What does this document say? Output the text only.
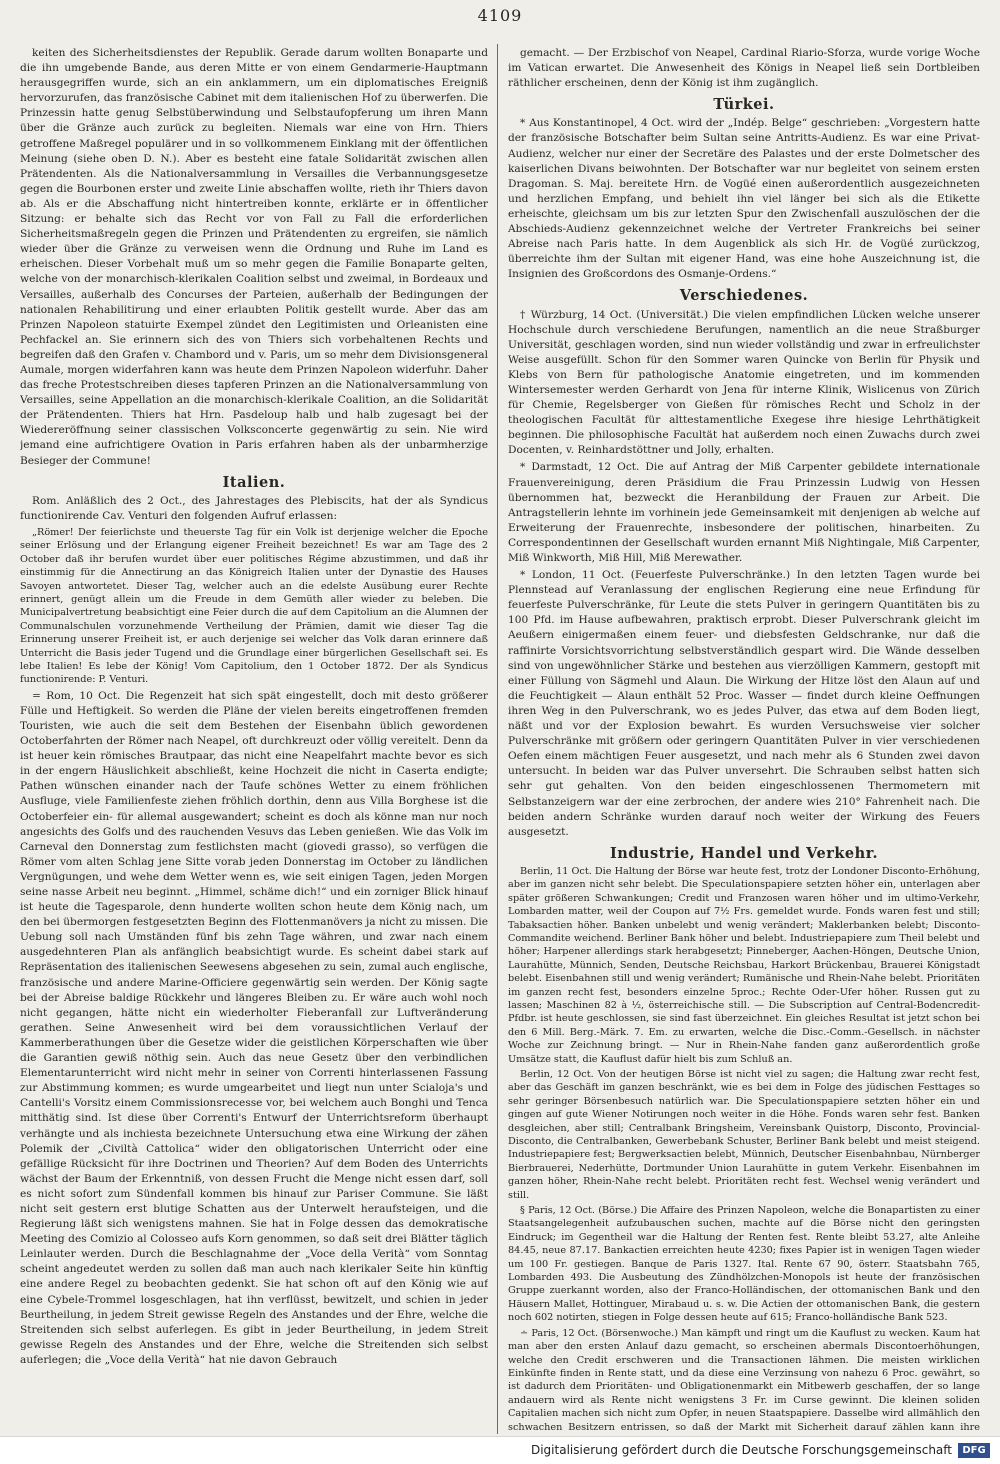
4109

keiten des Sicherheitsdienstes der Republik. Gerade darum wollten Bonaparte und die ihn umgebende Bande, aus deren Mitte er von einem Gendarmerie-Hauptmann herausgegriffen wurde, sich an ein anklammern, um ein diplomatisches Ereigniß hervorzurufen, das französische Cabinet mit dem italienischen Hof zu überwerfen. Die Prinzessin hatte genug Selbstüberwindung und Selbstaufopferung um ihren Mann über die Gränze auch zurück zu begleiten. Niemals war eine von Hrn. Thiers getroffene Maßregel populärer und in so vollkommenem Einklang mit der öffentlichen Meinung (siehe oben D. N.). Aber es besteht eine fatale Solidarität zwischen allen Prätendenten. Als die Nationalversammlung in Versailles die Verbannungsgesetze gegen die Bourbonen erster und zweite Linie abschaffen wollte, rieth ihr Thiers davon ab. Als er die Abschaffung nicht hintertreiben konnte, erklärte er in öffentlicher Sitzung: er behalte sich das Recht vor von Fall zu Fall die erforderlichen Sicherheitsmaßregeln gegen die Prinzen und Prätendenten zu ergreifen, sie nämlich wieder über die Gränze zu verweisen wenn die Ordnung und Ruhe im Land es erheischen. Dieser Vorbehalt muß um so mehr gegen die Familie Bonaparte gelten, welche von der monarchisch-klerikalen Coalition selbst und zweimal, in Bordeaux und Versailles, außerhalb des Concurses der Parteien, außerhalb der Bedingungen der nationalen Rehabilitirung und einer erlaubten Politik gestellt wurde. Aber das am Prinzen Napoleon statuirte Exempel zündet den Legitimisten und Orleanisten eine Pechfackel an. Sie erinnern sich des von Thiers sich vorbehaltenen Rechts und begreifen daß den Grafen v. Chambord und v. Paris, um so mehr dem Divisionsgeneral Aumale, morgen widerfahren kann was heute dem Prinzen Napoleon widerfuhr. Daher das freche Protestschreiben dieses tapferen Prinzen an die Nationalversammlung von Versailles, seine Appellation an die monarchisch-klerikale Coalition, an die Solidarität der Prätendenten. Thiers hat Hrn. Pasdeloup halb und halb zugesagt bei der Wiedereröffnung seiner classischen Volksconcerte gegenwärtig zu sein. Nie wird jemand eine aufrichtigere Ovation in Paris erfahren haben als der unbarmherzige Besieger der Commune!

Italien.

Rom. Anläßlich des 2 Oct., des Jahrestages des Plebiscits, hat der als Syndicus functionirende Cav. Venturi den folgenden Aufruf erlassen:

„Römer! Der feierlichste und theuerste Tag für ein Volk ist derjenige welcher die Epoche seiner Erlösung und der Erlangung eigener Freiheit bezeichnet! Es war am Tage des 2 October daß ihr berufen wurdet über euer politisches Régime abzustimmen, und daß ihr einstimmig für die Annectirung an das Königreich Italien unter der Dynastie des Hauses Savoyen antwortetet. Dieser Tag, welcher auch an die edelste Ausübung eurer Rechte erinnert, genügt allein um die Freude in dem Gemüth aller wieder zu beleben. Die Municipalvertretung beabsichtigt eine Feier durch die auf dem Capitolium an die Alumnen der Communalschulen vorzunehmende Vertheilung der Prämien, damit wie dieser Tag die Erinnerung unserer Freiheit ist, er auch derjenige sei welcher das Volk daran erinnere daß Unterricht die Basis jeder Tugend und die Grundlage einer bürgerlichen Gesellschaft sei. Es lebe Italien! Es lebe der König! Vom Capitolium, den 1 October 1872. Der als Syndicus functionirende: P. Venturi.

= Rom, 10 Oct. Die Regenzeit hat sich spät eingestellt, doch mit desto größerer Fülle und Heftigkeit. So werden die Pläne der vielen bereits eingetroffenen fremden Touristen, wie auch die seit dem Bestehen der Eisenbahn üblich gewordenen Octoberfahrten der Römer nach Neapel, oft durchkreuzt oder völlig vereitelt. Denn da ist heuer kein römisches Brautpaar, das nicht eine Neapelfahrt machte bevor es sich in der engern Häuslichkeit abschließt, keine Hochzeit die nicht in Caserta endigte; Pathen wünschen einander nach der Taufe schönes Wetter zu einem fröhlichen Ausfluge, viele Familienfeste ziehen fröhlich dorthin, denn aus Villa Borghese ist die Octoberfeier ein- für allemal ausgewandert; scheint es doch als könne man nur noch angesichts des Golfs und des rauchenden Vesuvs das Leben genießen. Wie das Volk im Carneval den Donnerstag zum festlichsten macht (giovedi grasso), so verfügen die Römer vom alten Schlag jene Sitte vorab jeden Donnerstag im October zu ländlichen Vergnügungen, und wehe dem Wetter wenn es, wie seit einigen Tagen, jeden Morgen seine nasse Arbeit neu beginnt. „Himmel, schäme dich!“ und ein zorniger Blick hinauf ist heute die Tagesparole, denn hunderte wollten schon heute dem König nach, um den bei übermorgen festgesetzten Beginn des Flottenmanövers ja nicht zu missen. Die Uebung soll nach Umständen fünf bis zehn Tage währen, und zwar nach einem ausgedehnteren Plan als anfänglich beabsichtigt wurde. Es scheint dabei stark auf Repräsentation des italienischen Seewesens abgesehen zu sein, zumal auch englische, französische und andere Marine-Officiere gegenwärtig sein werden. Der König sagte bei der Abreise baldige Rückkehr und längeres Bleiben zu. Er wäre auch wohl noch nicht gegangen, hätte nicht ein wiederholter Fieberanfall zur Luftveränderung gerathen. Seine Anwesenheit wird bei dem voraussichtlichen Verlauf der Kammerberathungen über die Gesetze wider die geistlichen Körperschaften wie über die Garantien gewiß nöthig sein. Auch das neue Gesetz über den verbindlichen Elementarunterricht wird nicht mehr in seiner von Correnti hinterlassenen Fassung zur Abstimmung kommen; es wurde umgearbeitet und liegt nun unter Scialoja's und Cantelli's Vorsitz einem Commissionsrecesse vor, bei welchem auch Bonghi und Tenca mitthätig sind. Ist diese über Correnti's Entwurf der Unterrichtsreform überhaupt verhängte und als inchiesta bezeichnete Untersuchung etwa eine Wirkung der zähen Polemik der „Civiltà Cattolica“ wider den obligatorischen Unterricht oder eine gefällige Rücksicht für ihre Doctrinen und Theorien? Auf dem Boden des Unterrichts wächst der Baum der Erkenntniß, von dessen Frucht die Menge nicht essen darf, soll es nicht sofort zum Sündenfall kommen bis hinauf zur Pariser Commune. Sie läßt nicht seit gestern erst blutige Schatten aus der Unterwelt heraufsteigen, und die Regierung läßt sich wenigstens mahnen. Sie hat in Folge dessen das demokratische Meeting des Comizio al Colosseo aufs Korn genommen, so daß seit drei Blätter täglich Leinlauter werden. Durch die Beschlagnahme der „Voce della Verità“ vom Sonntag scheint angedeutet werden zu sollen daß man auch nach klerikaler Seite hin künftig eine andere Regel zu beobachten gedenkt. Sie hat schon oft auf den König wie auf eine Cybele-Trommel losgeschlagen, hat ihn verflüsst, bewitzelt, und schien in jeder Beurtheilung, in jedem Streit gewisse Regeln des Anstandes und der Ehre, welche die Streitenden sich selbst auferlegen. Es gibt in jeder Beurtheilung, in jedem Streit gewisse Regeln des Anstandes und der Ehre, welche die Streitenden sich selbst auferlegen; die „Voce della Verità“ hat nie davon Gebrauch

gemacht. — Der Erzbischof von Neapel, Cardinal Riario-Sforza, wurde vorige Woche im Vatican erwartet. Die Anwesenheit des Königs in Neapel ließ sein Dortbleiben räthlicher erscheinen, denn der König ist ihm zugänglich.

Türkei.

* Aus Konstantinopel, 4 Oct. wird der „Indép. Belge“ geschrieben: „Vorgestern hatte der französische Botschafter beim Sultan seine Antritts-Audienz. Es war eine Privat-Audienz, welcher nur einer der Secretäre des Palastes und der erste Dolmetscher des kaiserlichen Divans beiwohnten. Der Botschafter war nur begleitet von seinem ersten Dragoman. S. Maj. bereitete Hrn. de Vogüé einen außerordentlich ausgezeichneten und herzlichen Empfang, und behielt ihn viel länger bei sich als die Etikette erheischte, gleichsam um bis zur letzten Spur den Zwischenfall auszulöschen der die Abschieds-Audienz gekennzeichnet welche der Vertreter Frankreichs bei seiner Abreise nach Paris hatte. In dem Augenblick als sich Hr. de Vogüé zurückzog, überreichte ihm der Sultan mit eigener Hand, was eine hohe Auszeichnung ist, die Insignien des Großcordons des Osmanje-Ordens.“

Verschiedenes.

† Würzburg, 14 Oct. (Universität.) Die vielen empfindlichen Lücken welche unserer Hochschule durch verschiedene Berufungen, namentlich an die neue Straßburger Universität, geschlagen worden, sind nun wieder vollständig und zwar in erfreulichster Weise ausgefüllt. Schon für den Sommer waren Quincke von Berlin für Physik und Klebs von Bern für pathologische Anatomie eingetreten, und im kommenden Wintersemester werden Gerhardt von Jena für interne Klinik, Wislicenus von Zürich für Chemie, Regelsberger von Gießen für römisches Recht und Scholz in der theologischen Facultät für alttestamentliche Exegese ihre hiesige Lehrthätigkeit beginnen. Die philosophische Facultät hat außerdem noch einen Zuwachs durch zwei Docenten, v. Reinhardstöttner und Jolly, erhalten.

* Darmstadt, 12 Oct. Die auf Antrag der Miß Carpenter gebildete internationale Frauenvereinigung, deren Präsidium die Frau Prinzessin Ludwig von Hessen übernommen hat, bezweckt die Heranbildung der Frauen zur Arbeit. Die Antragstellerin lehnte im vorhinein jede Gemeinsamkeit mit denjenigen ab welche auf Erweiterung der Frauenrechte, insbesondere der politischen, hinarbeiten. Zu Correspondentinnen der Gesellschaft wurden ernannt Miß Nightingale, Miß Carpenter, Miß Winkworth, Miß Hill, Miß Merewather.

* London, 11 Oct. (Feuerfeste Pulverschränke.) In den letzten Tagen wurde bei Plennstead auf Veranlassung der englischen Regierung eine neue Erfindung für feuerfeste Pulverschränke, für Leute die stets Pulver in geringern Quantitäten bis zu 100 Pfd. im Hause aufbewahren, praktisch erprobt. Dieser Pulverschrank gleicht im Aeußern einigermaßen einem feuer- und diebsfesten Geldschranke, nur daß die raffinirte Vorsichtsvorrichtung selbstverständlich gespart wird. Die Wände desselben sind von ungewöhnlicher Stärke und bestehen aus vierzölligen Kammern, gestopft mit einer Füllung von Sägmehl und Alaun. Die Wirkung der Hitze löst den Alaun auf und die Feuchtigkeit — Alaun enthält 52 Proc. Wasser — findet durch kleine Oeffnungen ihren Weg in den Pulverschrank, wo es jedes Pulver, das etwa auf dem Boden liegt, näßt und vor der Explosion bewahrt. Es wurden Versuchsweise vier solcher Pulverschränke mit größern oder geringern Quantitäten Pulver in vier verschiedenen Oefen einem mächtigen Feuer ausgesetzt, und nach mehr als 6 Stunden zwei davon untersucht. In beiden war das Pulver unversehrt. Die Schrauben selbst hatten sich sehr gut gehalten. Von den beiden eingeschlossenen Thermometern mit Selbstanzeigern war der eine zerbrochen, der andere wies 210° Fahrenheit nach. Die beiden andern Schränke wurden darauf noch weiter der Wirkung des Feuers ausgesetzt.

Industrie, Handel und Verkehr.

Berlin, 11 Oct. Die Haltung der Börse war heute fest, trotz der Londoner Disconto-Erhöhung, aber im ganzen nicht sehr belebt. Die Speculationspapiere setzten höher ein, unterlagen aber später größeren Schwankungen; Credit und Franzosen waren höher und im ultimo-Verkehr, Lombarden matter, weil der Coupon auf 7½ Frs. gemeldet wurde. Fonds waren fest und still; Tabaksactien höher. Banken unbelebt und wenig verändert; Maklerbanken belebt; Disconto-Commandite weichend. Berliner Bank höher und belebt. Industriepapiere zum Theil belebt und höher; Harpener allerdings stark herabgesetzt; Pinneberger, Aachen-Höngen, Deutsche Union, Laurahütte, Münnich, Senden, Deutsche Reichsbau, Harkort Brückenbau, Brauerei Königstadt belebt. Eisenbahnen still und wenig verändert; Rumänische und Rhein-Nahe belebt. Prioritäten im ganzen recht fest, besonders einzelne 5proc.; Rechte Oder-Ufer höher. Russen gut zu lassen; Maschinen 82 à ½, österreichische still. — Die Subscription auf Central-Bodencredit-Pfdbr. ist heute geschlossen, sie sind fast überzeichnet. Ein gleiches Resultat ist jetzt schon bei den 6 Mill. Berg.-Märk. 7. Em. zu erwarten, welche die Disc.-Comm.-Gesellsch. in nächster Woche zur Zeichnung bringt. — Nur in Rhein-Nahe fanden ganz außerordentlich große Umsätze statt, die Kauflust dafür hielt bis zum Schluß an.

Berlin, 12 Oct. Von der heutigen Börse ist nicht viel zu sagen; die Haltung zwar recht fest, aber das Geschäft im ganzen beschränkt, wie es bei dem in Folge des jüdischen Festtages so sehr geringer Börsenbesuch natürlich war. Die Speculationspapiere setzten höher ein und gingen auf gute Wiener Notirungen noch weiter in die Höhe. Fonds waren sehr fest. Banken desgleichen, aber still; Centralbank Bringsheim, Vereinsbank Quistorp, Disconto, Provincial-Disconto, die Centralbanken, Gewerbebank Schuster, Berliner Bank belebt und meist steigend. Industriepapiere fest; Bergwerksactien belebt, Münnich, Deutscher Eisenbahnbau, Nürnberger Bierbrauerei, Nederhütte, Dortmunder Union Laurahütte in gutem Verkehr. Eisenbahnen im ganzen höher, Rhein-Nahe recht belebt. Prioritäten recht fest. Wechsel wenig verändert und still.

§ Paris, 12 Oct. (Börse.) Die Affaire des Prinzen Napoleon, welche die Bonapartisten zu einer Staatsangelegenheit aufzubauschen suchen, machte auf die Börse nicht den geringsten Eindruck; im Gegentheil war die Haltung der Renten fest. Rente bleibt 53.27, alte Anleihe 84.45, neue 87.17. Bankactien erreichten heute 4230; fixes Papier ist in wenigen Tagen wieder um 100 Fr. gestiegen. Banque de Paris 1327. Ital. Rente 67 90, österr. Staatsbahn 765, Lombarden 493. Die Ausbeutung des Zündhölzchen-Monopols ist heute der französischen Gruppe zuerkannt worden, also der Franco-Holländischen, der ottomanischen Bank und den Häusern Mallet, Hottinguer, Mirabaud u. s. w. Die Actien der ottomanischen Bank, die gestern noch 602 notirten, stiegen in Folge dessen heute auf 615; Franco-holländische Bank 523.

∸ Paris, 12 Oct. (Börsenwoche.) Man kämpft und ringt um die Kauflust zu wecken. Kaum hat man aber den ersten Anlauf dazu gemacht, so erscheinen abermals Discontoerhöhungen, welche den Credit erschweren und die Transactionen lähmen. Die meisten wirklichen Einkünfte finden in Rente statt, und da diese eine Verzinsung von nahezu 6 Proc. gewährt, so ist dadurch dem Prioritäten- und Obligationenmarkt ein Mitbewerb geschaffen, der so lange andauern wird als Rente nicht wenigstens 3 Fr. im Curse gewinnt. Die kleinen soliden Capitalien machen sich nicht zum Opfer, in neuen Staatspapiere. Dasselbe wird allmählich den schwachen Besitzern entrissen, so daß der Markt mit Sicherheit darauf zählen kann ihre

Digitalisierung gefördert durch die Deutsche Forschungsgemeinschaft	DFG
